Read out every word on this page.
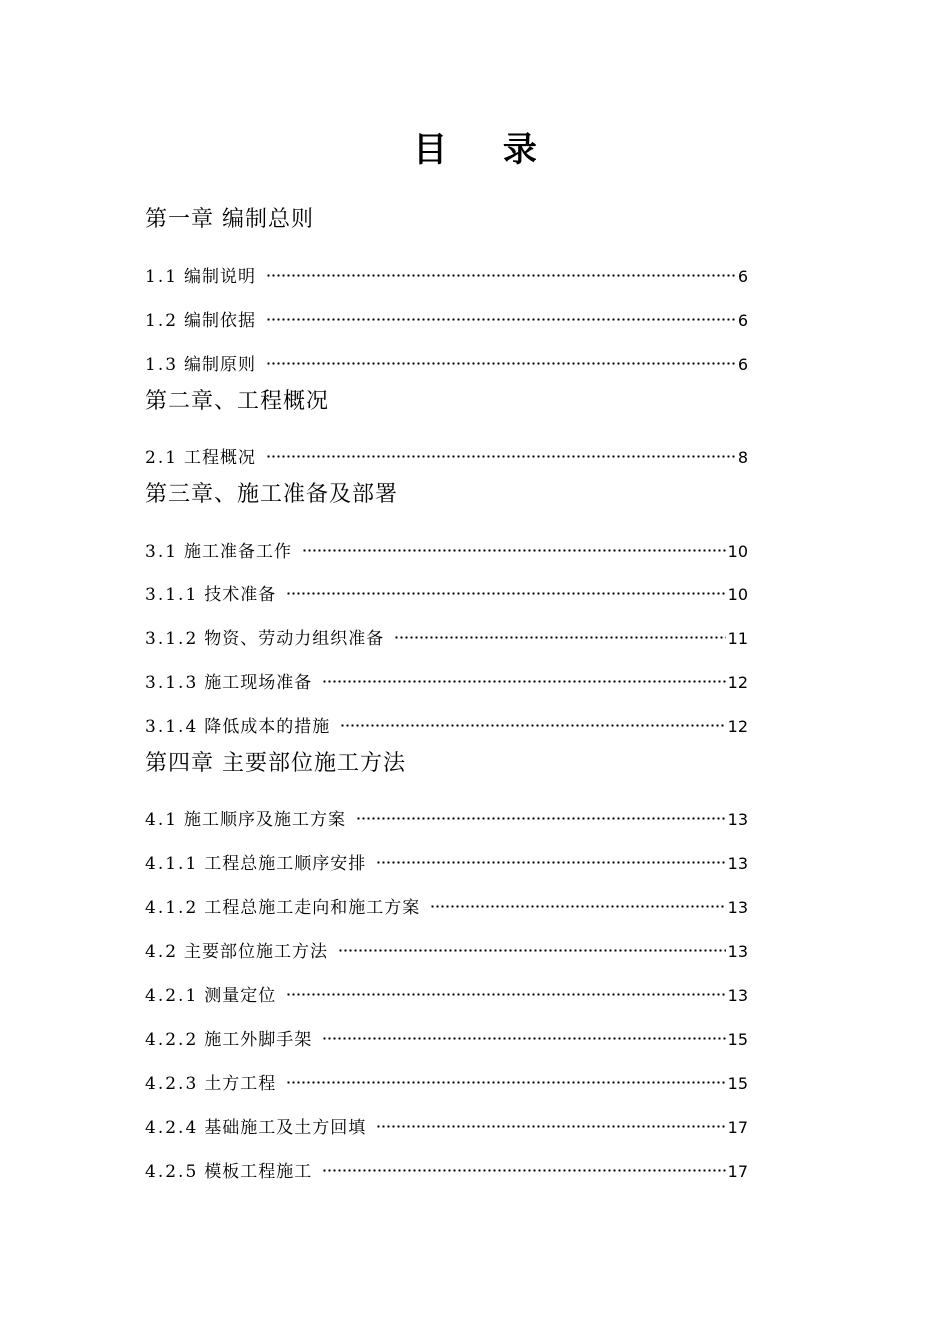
目 录
第一章 编制总则
1.1 编制说明	6
1.2 编制依据	6
1.3 编制原则	6
第二章、工程概况
2.1 工程概况	8
第三章、施工准备及部署
3.1 施工准备工作	10
3.1.1 技术准备	10
3.1.2 物资、劳动力组织准备	11
3.1.3 施工现场准备	12
3.1.4 降低成本的措施	12
第四章 主要部位施工方法
4.1 施工顺序及施工方案	13
4.1.1 工程总施工顺序安排	13
4.1.2 工程总施工走向和施工方案	13
4.2 主要部位施工方法	13
4.2.1 测量定位	13
4.2.2 施工外脚手架	15
4.2.3 土方工程	15
4.2.4 基础施工及土方回填	17
4.2.5 模板工程施工	17
